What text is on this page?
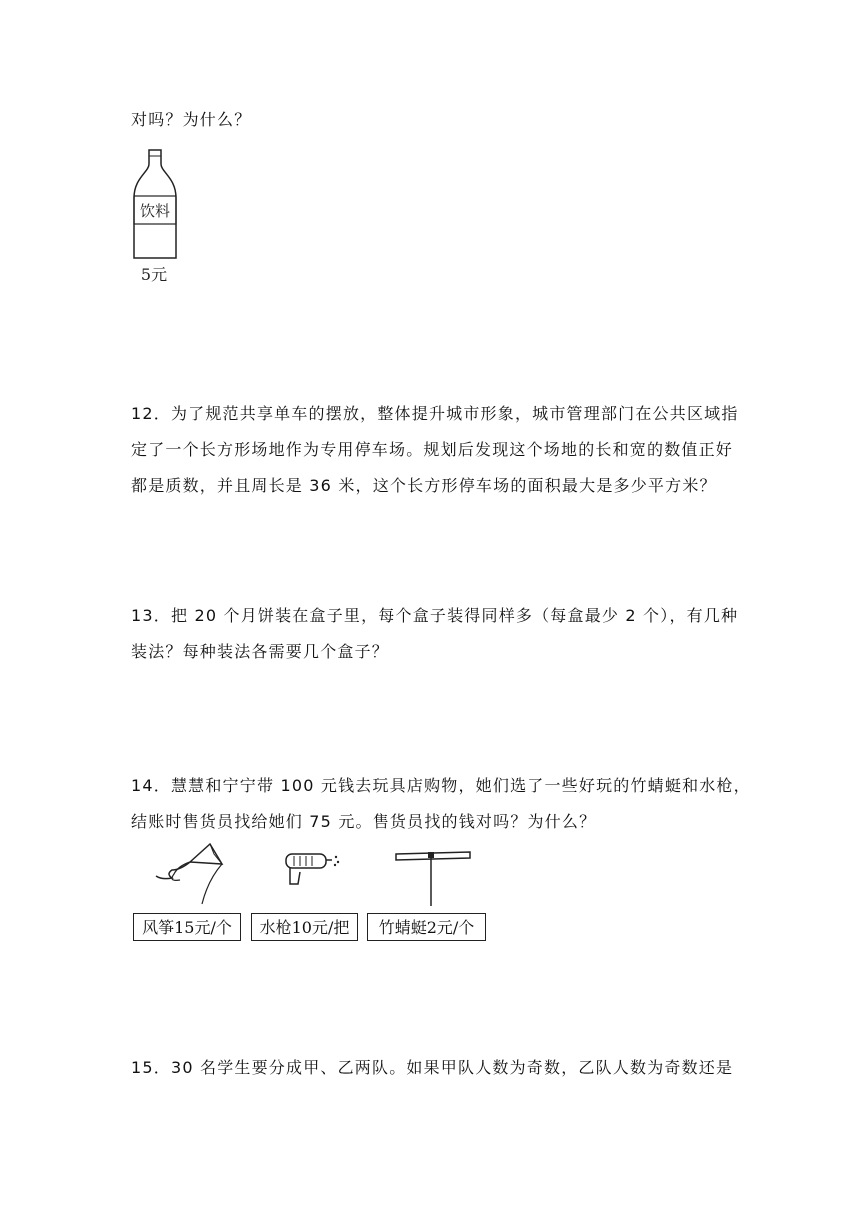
对吗？为什么？
饮料
5元
12．为了规范共享单车的摆放，整体提升城市形象，城市管理部门在公共区域指
定了一个长方形场地作为专用停车场。规划后发现这个场地的长和宽的数值正好
都是质数，并且周长是 36 米，这个长方形停车场的面积最大是多少平方米？
13．把 20 个月饼装在盒子里，每个盒子装得同样多（每盒最少 2 个），有几种
装法？每种装法各需要几个盒子？
14．慧慧和宁宁带 100 元钱去玩具店购物，她们选了一些好玩的竹蜻蜓和水枪，
结账时售货员找给她们 75 元。售货员找的钱对吗？为什么？
风筝15元/个	水枪10元/把	竹蜻蜓2元/个
15．30 名学生要分成甲、乙两队。如果甲队人数为奇数，乙队人数为奇数还是
